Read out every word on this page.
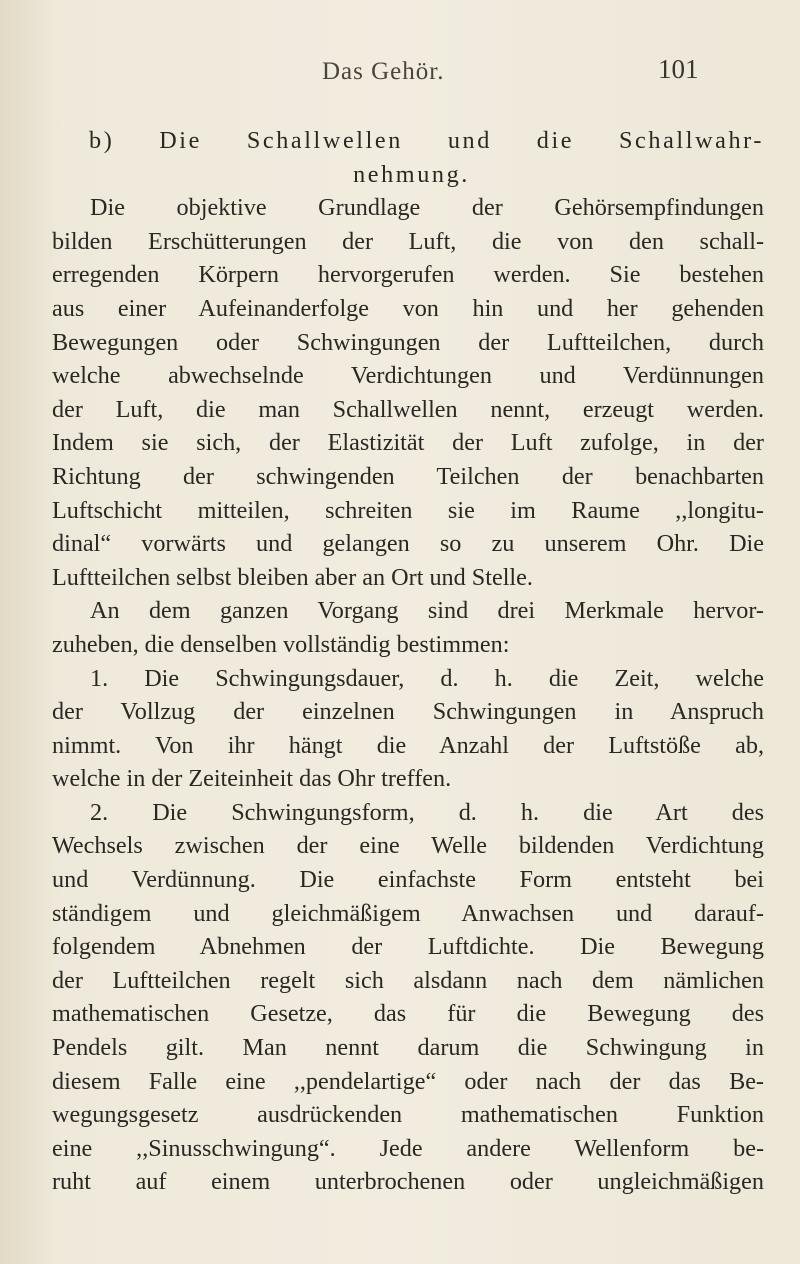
Das Gehör.	101
b) Die Schallwellen und die Schallwahr-
nehmung.

Die objektive Grundlage der Gehörsempfindungen
bilden Erschütterungen der Luft, die von den schall-
erregenden Körpern hervorgerufen werden. Sie bestehen
aus einer Aufeinanderfolge von hin und her gehenden
Bewegungen oder Schwingungen der Luftteilchen, durch
welche abwechselnde Verdichtungen und Verdünnungen
der Luft, die man Schallwellen nennt, erzeugt werden.
Indem sie sich, der Elastizität der Luft zufolge, in der
Richtung der schwingenden Teilchen der benachbarten
Luftschicht mitteilen, schreiten sie im Raume ,,longitu-
dinal“ vorwärts und gelangen so zu unserem Ohr. Die
Luftteilchen selbst bleiben aber an Ort und Stelle.

An dem ganzen Vorgang sind drei Merkmale hervor-
zuheben, die denselben vollständig bestimmen:

1. Die Schwingungsdauer, d. h. die Zeit, welche
der Vollzug der einzelnen Schwingungen in Anspruch
nimmt. Von ihr hängt die Anzahl der Luftstöße ab,
welche in der Zeiteinheit das Ohr treffen.

2. Die Schwingungsform, d. h. die Art des
Wechsels zwischen der eine Welle bildenden Verdichtung
und Verdünnung. Die einfachste Form entsteht bei
ständigem und gleichmäßigem Anwachsen und darauf-
folgendem Abnehmen der Luftdichte. Die Bewegung
der Luftteilchen regelt sich alsdann nach dem nämlichen
mathematischen Gesetze, das für die Bewegung des
Pendels gilt. Man nennt darum die Schwingung in
diesem Falle eine ,,pendelartige“ oder nach der das Be-
wegungsgesetz ausdrückenden mathematischen Funktion
eine ,,Sinusschwingung“. Jede andere Wellenform be-
ruht auf einem unterbrochenen oder ungleichmäßigen
